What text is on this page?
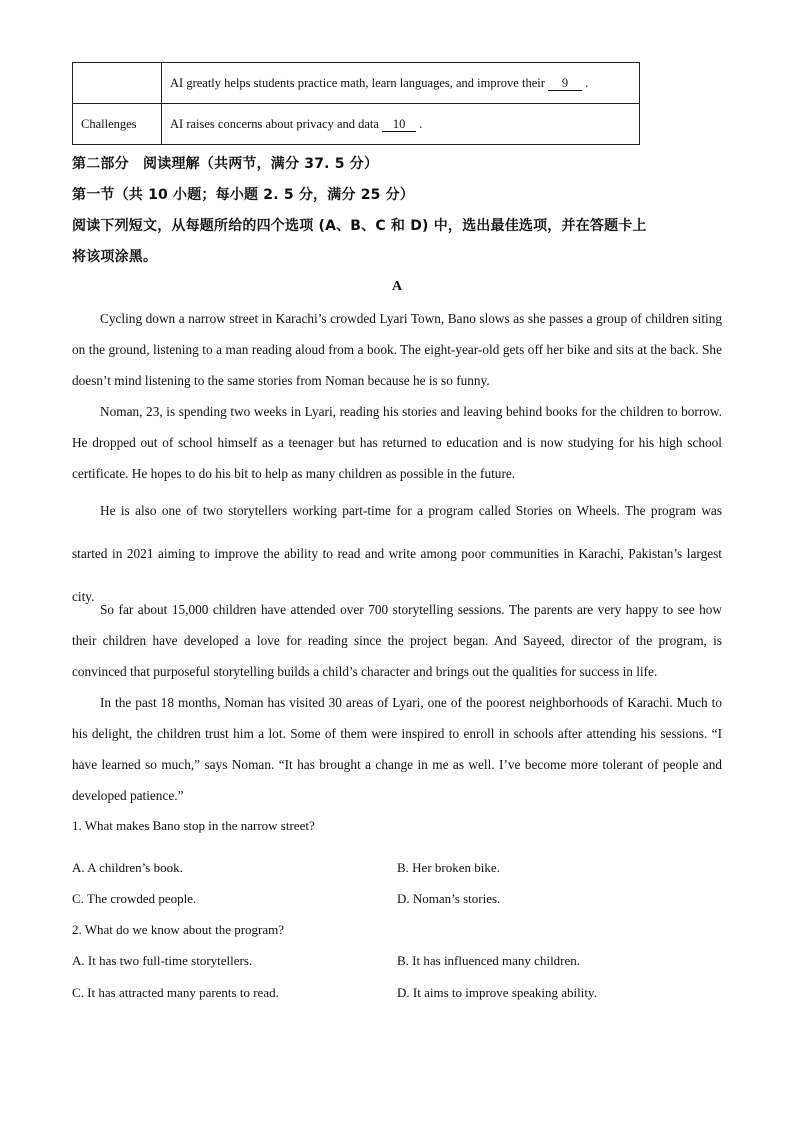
	AI greatly helps students practice math, learn languages, and improve their 9 .
Challenges	AI raises concerns about privacy and data 10 .
第二部分　阅读理解（共两节，满分 37. 5 分）
第一节（共 10 小题；每小题 2. 5 分，满分 25 分）
阅读下列短文，从每题所给的四个选项 (A、B、C 和 D) 中，选出最佳选项，并在答题卡上
将该项涂黑。
A
Cycling down a narrow street in Karachi’s crowded Lyari Town, Bano slows as she passes a group of children siting on the ground, listening to a man reading aloud from a book. The eight-year-old gets off her bike and sits at the back. She doesn’t mind listening to the same stories from Noman because he is so funny.
Noman, 23, is spending two weeks in Lyari, reading his stories and leaving behind books for the children to borrow. He dropped out of school himself as a teenager but has returned to education and is now studying for his high school certificate. He hopes to do his bit to help as many children as possible in the future.
He is also one of two storytellers working part-time for a program called Stories on Wheels. The program was started in 2021 aiming to improve the ability to read and write among poor communities in Karachi, Pakistan’s largest city.
So far about 15,000 children have attended over 700 storytelling sessions. The parents are very happy to see how their children have developed a love for reading since the project began. And Sayeed, director of the program, is convinced that purposeful storytelling builds a child’s character and brings out the qualities for success in life.
In the past 18 months, Noman has visited 30 areas of Lyari, one of the poorest neighborhoods of Karachi. Much to his delight, the children trust him a lot. Some of them were inspired to enroll in schools after attending his sessions. “I have learned so much,” says Noman. “It has brought a change in me as well. I’ve become more tolerant of people and developed patience.”
1. What makes Bano stop in the narrow street?
A. A children’s book.	B. Her broken bike.
C. The crowded people.	D. Noman’s stories.
2. What do we know about the program?
A. It has two full-time storytellers.	B. It has influenced many children.
C. It has attracted many parents to read.	D. It aims to improve speaking ability.
